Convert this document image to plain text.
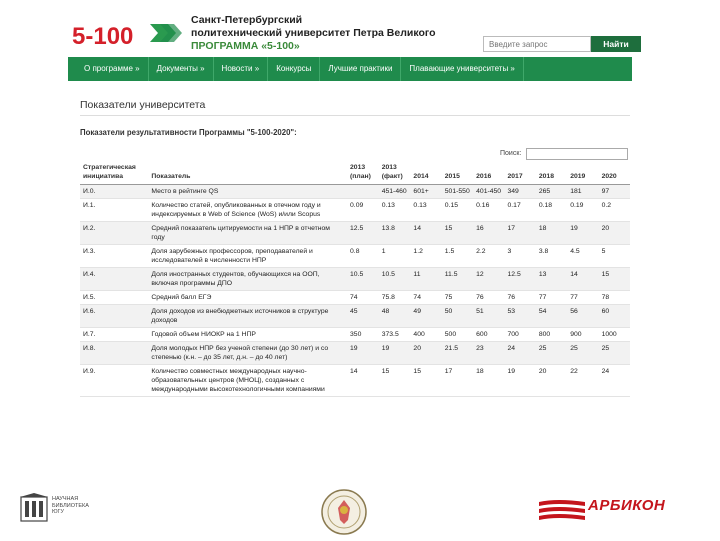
5-100
Санкт-Петербургский
политехнический университет Петра Великого
ПРОГРАММА «5-100»
Введите запрос	Найти
О программе »	Документы »	Новости »	Конкурсы	Лучшие практики	Плавающие университеты »
Показатели университета
Показатели результативности Программы "5-100-2020":
Поиск:
Стратегическая инициатива	Показатель	2013 (план)	2013 (факт)	2014	2015	2016	2017	2018	2019	2020
И.0.	Место в рейтинге QS		451-460	601+	501-550	401-450	349	265	181	97
И.1.	Количество статей, опубликованных в отечном году и индексируемых в Web of Science (WoS) и/или Scopus	0.09	0.13	0.13	0.15	0.16	0.17	0.18	0.19	0.2
И.2.	Средний показатель цитируемости на 1 НПР в отчетном году	12.5	13.8	14	15	16	17	18	19	20
И.3.	Доля зарубежных профессоров, преподавателей и исследователей в численности НПР	0.8	1	1.2	1.5	2.2	3	3.8	4.5	5
И.4.	Доля иностранных студентов, обучающихся на ООП, включая программы ДПО	10.5	10.5	11	11.5	12	12.5	13	14	15
И.5.	Средний балл ЕГЭ	74	75.8	74	75	76	76	77	77	78
И.6.	Доля доходов из внебюджетных источников в структуре доходов	45	48	49	50	51	53	54	56	60
И.7.	Годовой объем НИОКР на 1 НПР	350	373.5	400	500	600	700	800	900	1000
И.8.	Доля молодых НПР без ученой степени (до 30 лет) и со степенью (к.н. – до 35 лет, д.н. – до 40 лет)	19	19	20	21.5	23	24	25	25	25
И.9.	Количество совместных международных научно-образовательных центров (МНОЦ), созданных с международными высокотехнологичными компаниями	14	15	15	17	18	19	20	22	24
НАУЧНАЯ
БИБЛИОТЕКА
ЮГУ	АРБИКОН
